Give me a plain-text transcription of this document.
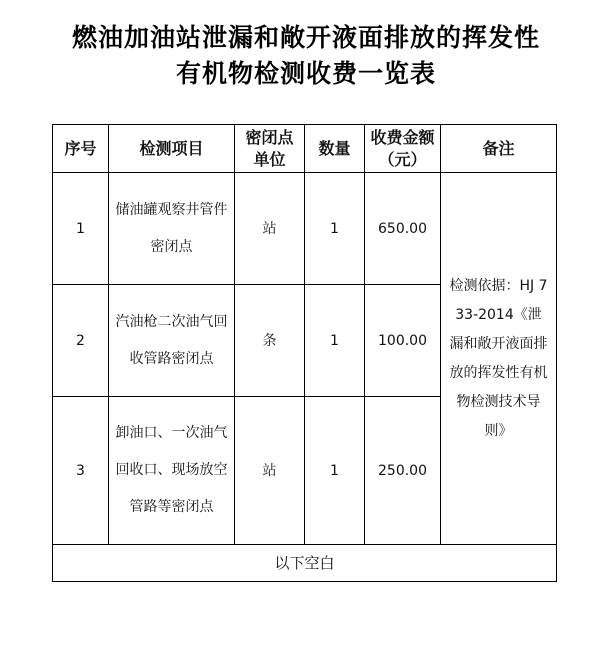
燃油加油站泄漏和敞开液面排放的挥发性
有机物检测收费一览表
序号	检测项目	密闭点单位	数量	收费金额（元）	备注
1	储油罐观察井管件密闭点	站	1	650.00	检测依据：HJ 733-2014《泄漏和敞开液面排放的挥发性有机物检测技术导则》
2	汽油枪二次油气回收管路密闭点	条	1	100.00	
3	卸油口、一次油气回收口、现场放空管路等密闭点	站	1	250.00	
以下空白					
